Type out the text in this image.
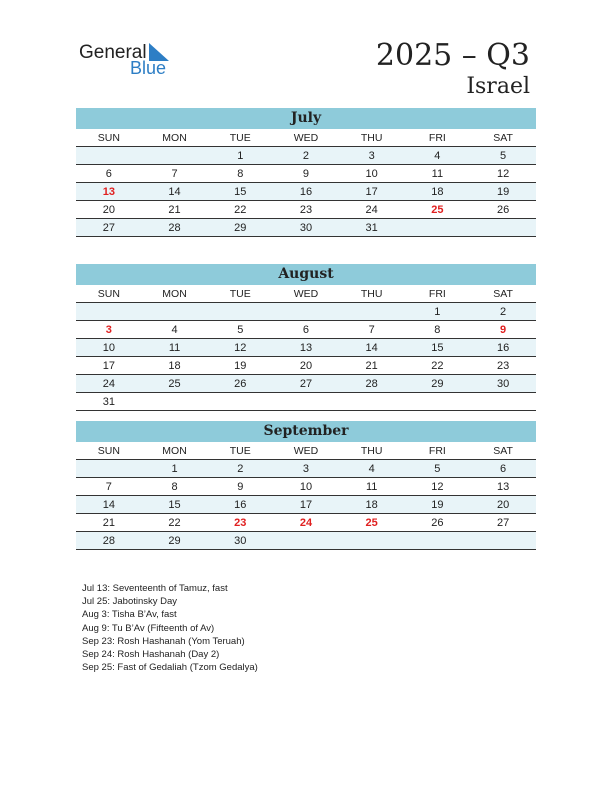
General
Blue	2025 – Q3
Israel
July
SUN	MON	TUE	WED	THU	FRI	SAT
		1	2	3	4	5
6	7	8	9	10	11	12
13	14	15	16	17	18	19
20	21	22	23	24	25	26
27	28	29	30	31		
August
SUN	MON	TUE	WED	THU	FRI	SAT
					1	2
3	4	5	6	7	8	9
10	11	12	13	14	15	16
17	18	19	20	21	22	23
24	25	26	27	28	29	30
31						
September
SUN	MON	TUE	WED	THU	FRI	SAT
	1	2	3	4	5	6
7	8	9	10	11	12	13
14	15	16	17	18	19	20
21	22	23	24	25	26	27
28	29	30				
Jul 13: Seventeenth of Tamuz, fast
Jul 25: Jabotinsky Day
Aug 3: Tisha B’Av, fast
Aug 9: Tu B’Av (Fifteenth of Av)
Sep 23: Rosh Hashanah (Yom Teruah)
Sep 24: Rosh Hashanah (Day 2)
Sep 25: Fast of Gedaliah (Tzom Gedalya)
